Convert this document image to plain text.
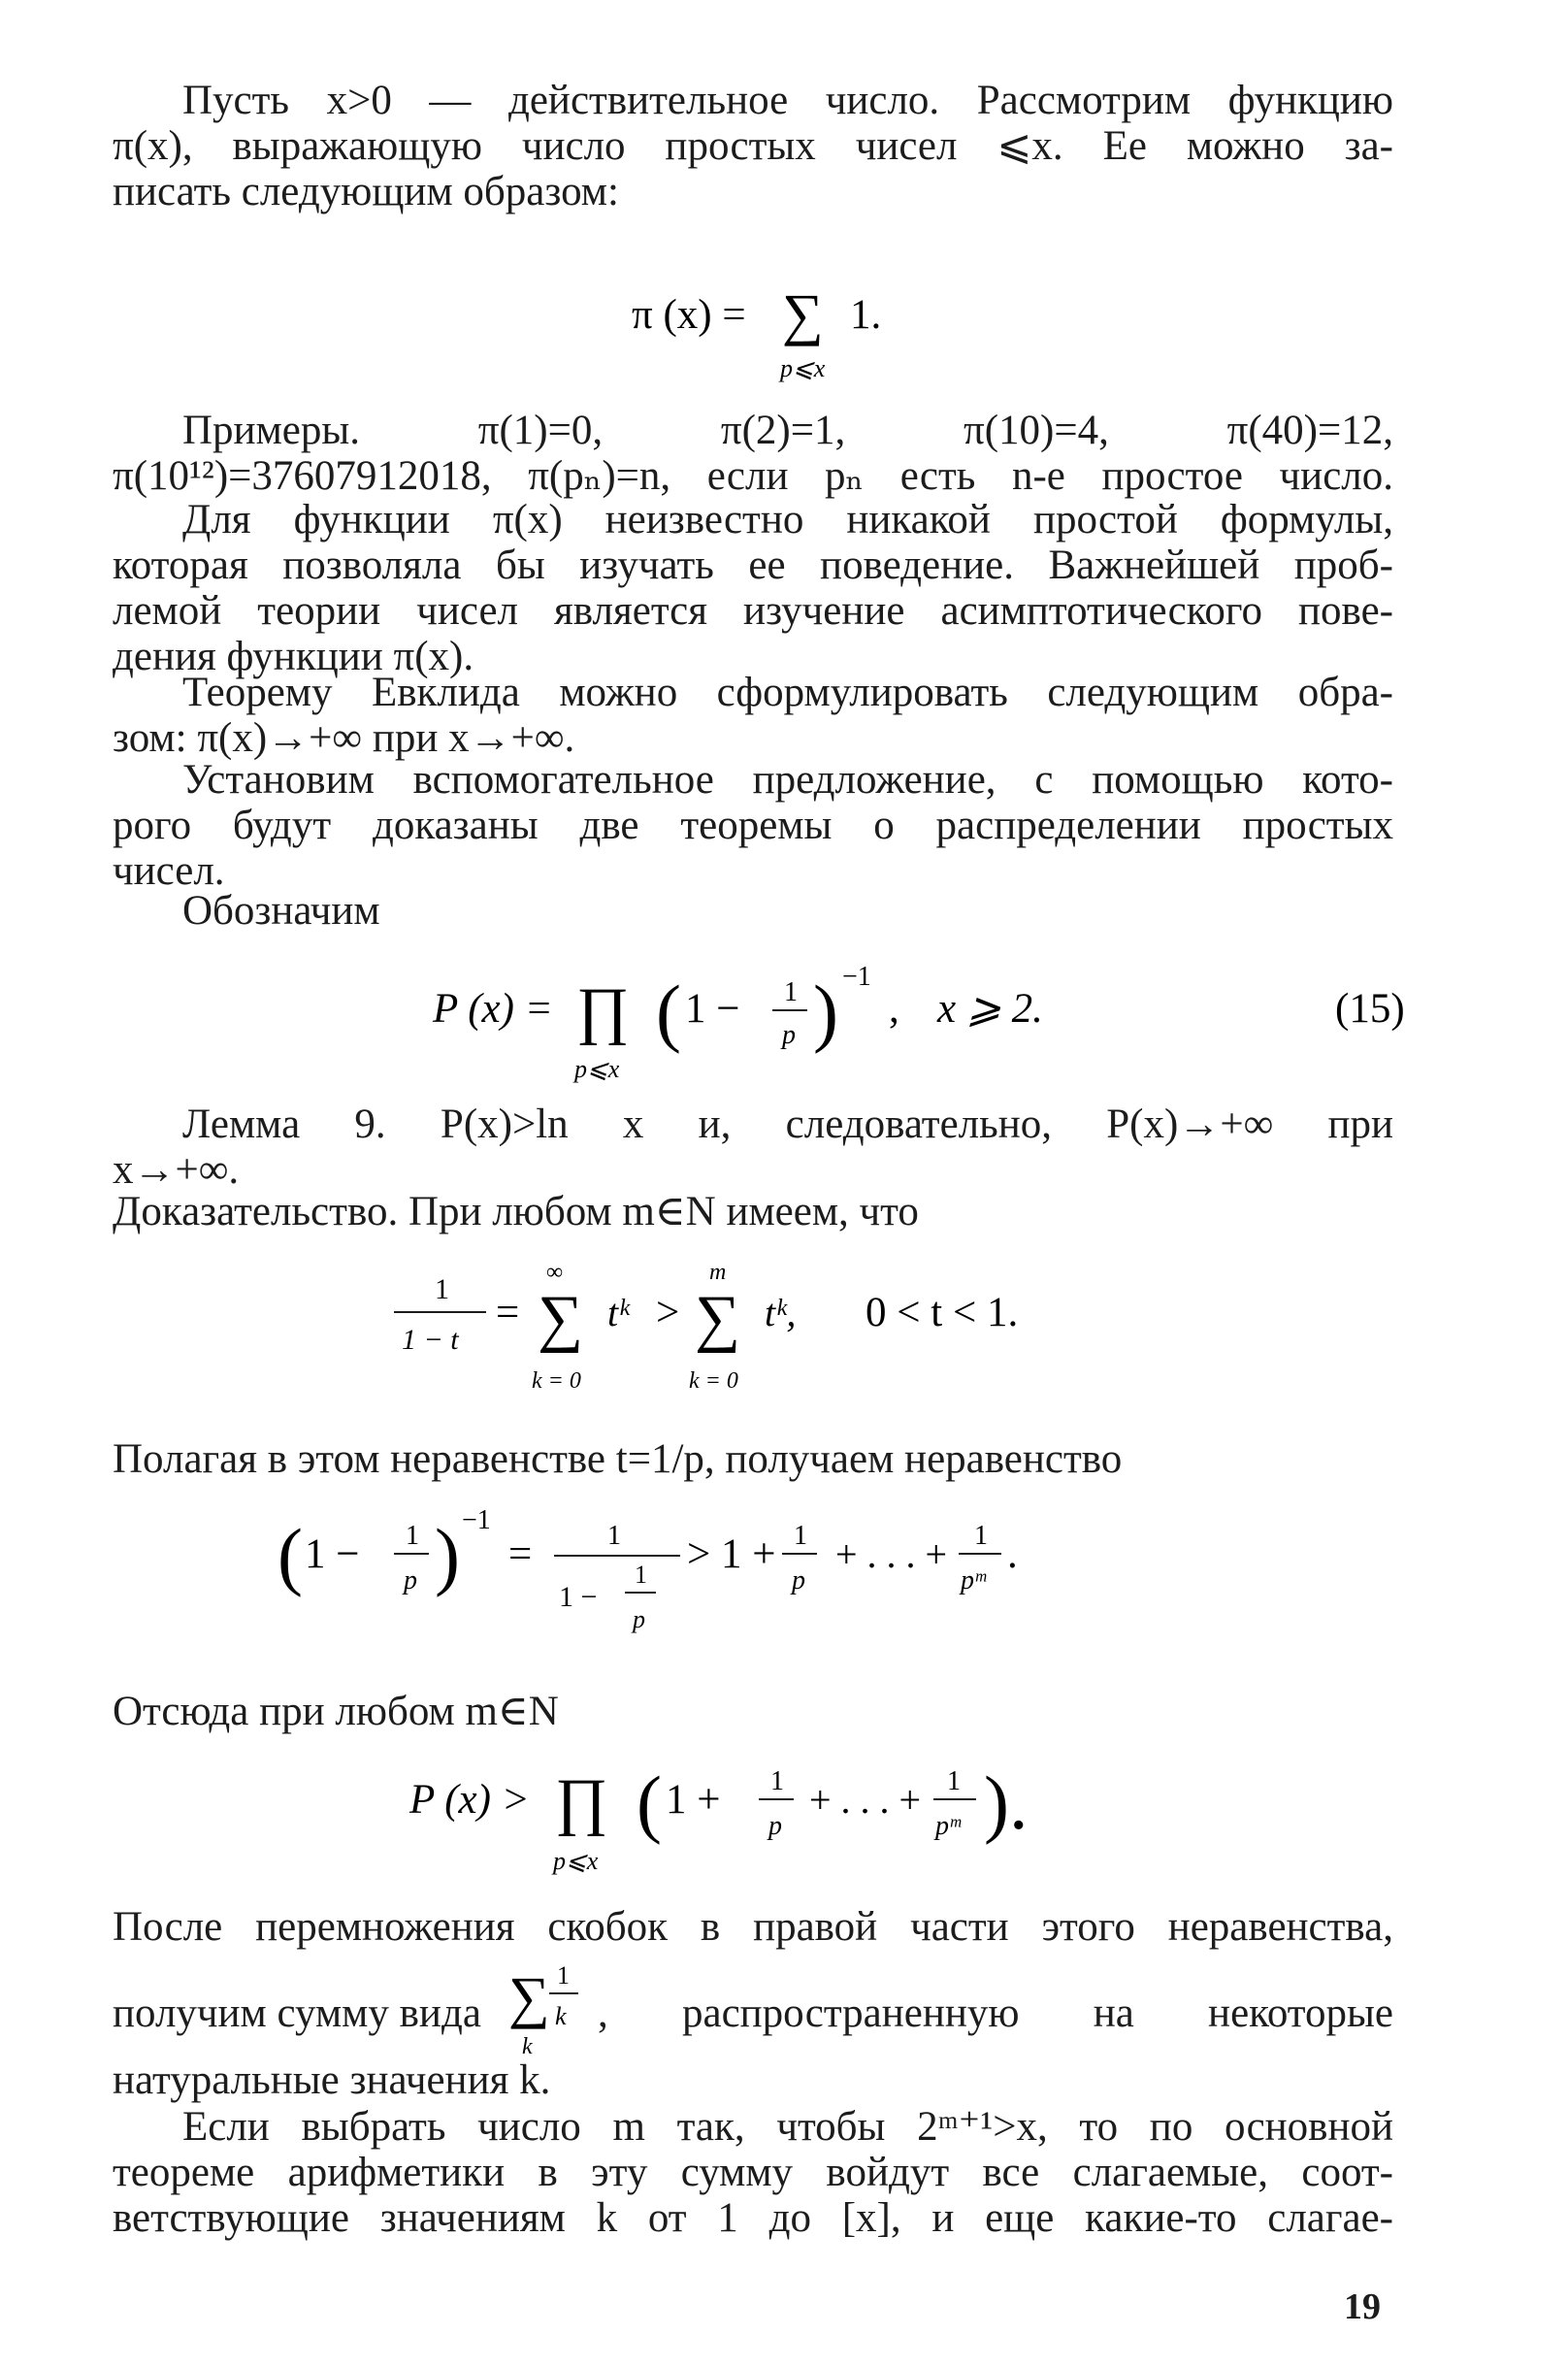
Пусть x>0 — действительное число. Рассмотрим функцию
π(x), выражающую число простых чисел ⩽x. Ее можно за-
писать следующим образом:
π (x) = ∑ 1.
p⩽x
Примеры. π(1)=0, π(2)=1, π(10)=4, π(40)=12,
π(10¹²)=37607912018, π(pₙ)=n, если pₙ есть n-е простое число.
Для функции π(x) неизвестно никакой простой формулы,
которая позволяла бы изучать ее поведение. Важнейшей проб-
лемой теории чисел является изучение асимптотического пове-
дения функции π(x).
Теорему Евклида можно сформулировать следующим обра-
зом: π(x)→+∞ при x→+∞.
Установим вспомогательное предложение, с помощью кото-
рого будут доказаны две теоремы о распределении простых
чисел.
Обозначим
P (x) = ∏
p⩽x
( 1 − 1
p ) −1
, x ⩾ 2.	(15)
Лемма 9. P(x)>ln x и, следовательно, P(x)→+∞ при
x→+∞.
Доказательство. При любом m∈N имеем, что
1
1 − t
=
∞
∑
k = 0
tᵏ >
m
∑
k = 0
tᵏ, 0 < t < 1.
Полагая в этом неравенстве t=1/p, получаем неравенство
( 1 − 1
p ) −1
=	1
1 −
1
p
> 1 + 1
p
+ . . . + 1
pᵐ
.
Отсюда при любом m∈N
P (x) > ∏
p⩽x
( 1 + 1
p
+ . . . + 1
pᵐ ).
После перемножения скобок в правой части этого неравенства,
получим сумму вида ∑
k
1
k , распространенную на некоторые
натуральные значения k.
Если выбрать число m так, чтобы 2ᵐ⁺¹>x, то по основной
теореме арифметики в эту сумму войдут все слагаемые, соот-
ветствующие значениям k от 1 до [x], и еще какие-то слагае-
19
